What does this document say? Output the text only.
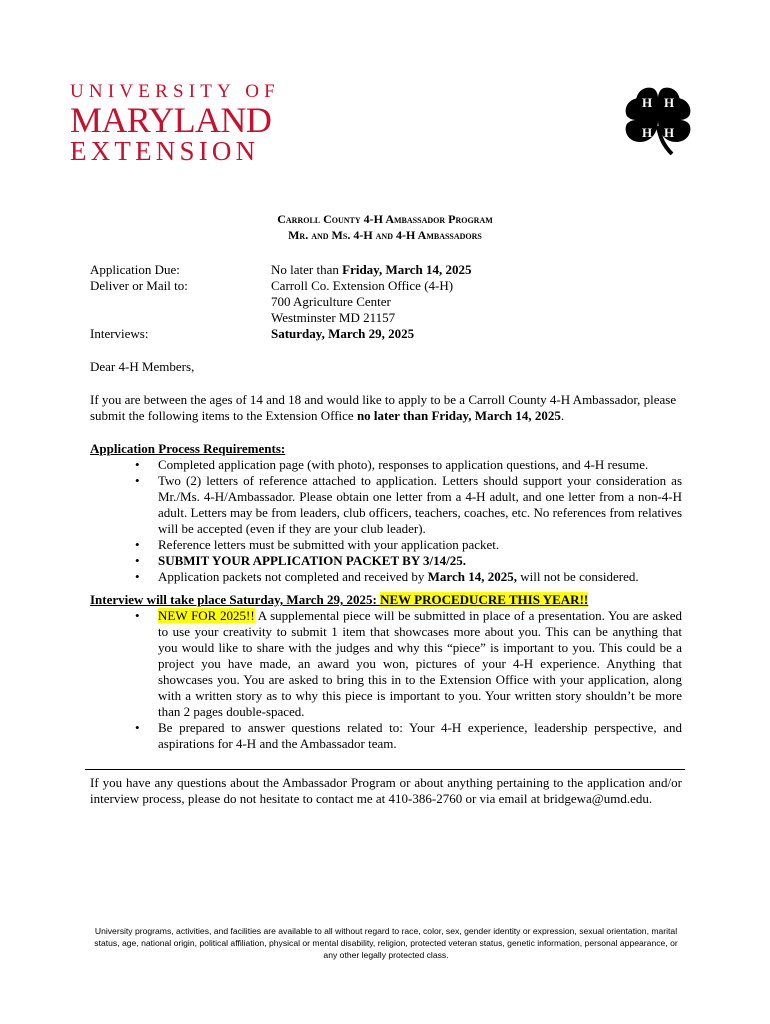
UNIVERSITY OF
MARYLAND
EXTENSION
H H
H H
Carroll County 4-H Ambassador Program
Mr. and Ms. 4-H and 4-H Ambassadors
Application Due:
Deliver or Mail to:
Interviews:
No later than Friday, March 14, 2025
Carroll Co. Extension Office (4-H)
700 Agriculture Center
Westminster MD 21157
Saturday, March 29, 2025
Dear 4-H Members,
If you are between the ages of 14 and 18 and would like to apply to be a Carroll County 4-H Ambassador, please submit the following items to the Extension Office no later than Friday, March 14, 2025.
Application Process Requirements:
• Completed application page (with photo), responses to application questions, and 4-H resume.
• Two (2) letters of reference attached to application. Letters should support your consideration as Mr./Ms. 4-H/Ambassador. Please obtain one letter from a 4-H adult, and one letter from a non-4-H adult. Letters may be from leaders, club officers, teachers, coaches, etc. No references from relatives will be accepted (even if they are your club leader).
• Reference letters must be submitted with your application packet.
• SUBMIT YOUR APPLICATION PACKET BY 3/14/25.
• Application packets not completed and received by March 14, 2025, will not be considered.
Interview will take place Saturday, March 29, 2025: NEW PROCEDUCRE THIS YEAR!!
• NEW FOR 2025!! A supplemental piece will be submitted in place of a presentation. You are asked to use your creativity to submit 1 item that showcases more about you. This can be anything that you would like to share with the judges and why this “piece” is important to you. This could be a project you have made, an award you won, pictures of your 4-H experience. Anything that showcases you. You are asked to bring this in to the Extension Office with your application, along with a written story as to why this piece is important to you. Your written story shouldn’t be more than 2 pages double-spaced.
• Be prepared to answer questions related to: Your 4-H experience, leadership perspective, and aspirations for 4-H and the Ambassador team.
If you have any questions about the Ambassador Program or about anything pertaining to the application and/or interview process, please do not hesitate to contact me at 410-386-2760 or via email at bridgewa@umd.edu.
University programs, activities, and facilities are available to all without regard to race, color, sex, gender identity or expression, sexual orientation, marital status, age, national origin, political affiliation, physical or mental disability, religion, protected veteran status, genetic information, personal appearance, or any other legally protected class.
